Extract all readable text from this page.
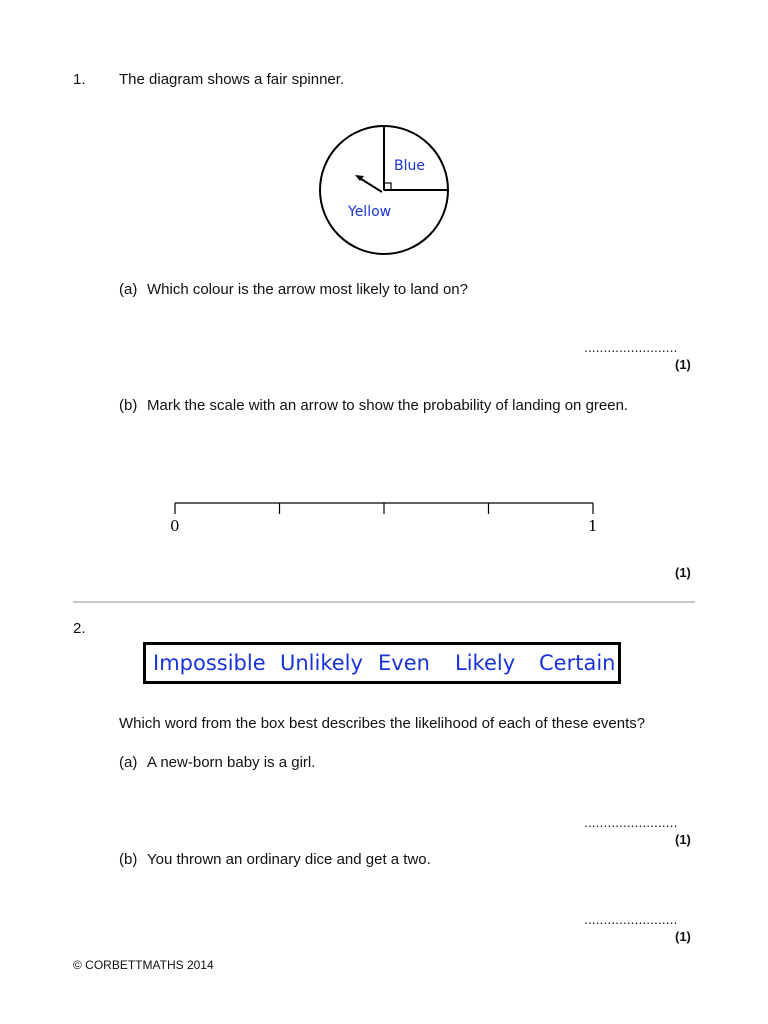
1. The diagram shows a fair spinner.
Blue
Yellow
(a) Which colour is the arrow most likely to land on?
........................
(1)
(b) Mark the scale with an arrow to show the probability of landing on green.
0	1
(1)
2.
Impossible Unlikely Even Likely Certain
Which word from the box best describes the likelihood of each of these events?
(a) A new-born baby is a girl.
........................
(1)
(b) You thrown an ordinary dice and get a two.
........................
(1)
© CORBETTMATHS 2014
